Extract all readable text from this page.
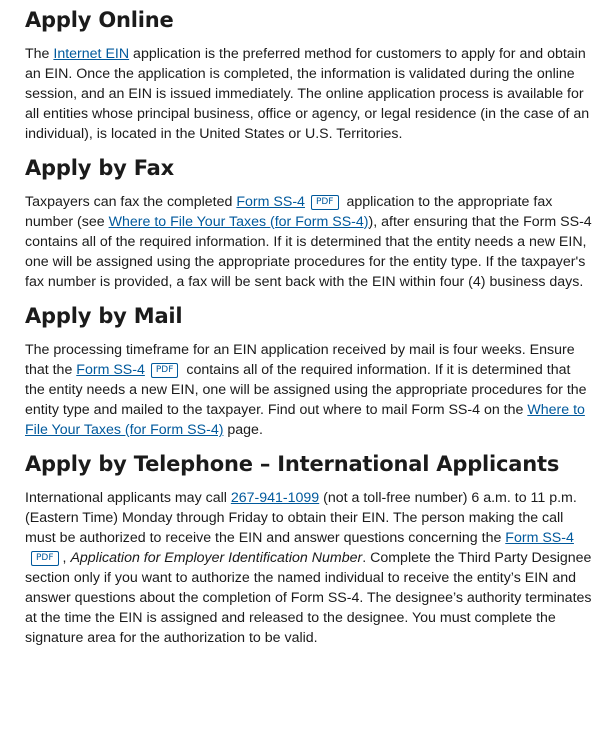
Apply Online

The Internet EIN application is the preferred method for customers to apply for and obtain an EIN. Once the application is completed, the information is validated during the online session, and an EIN is issued immediately. The online application process is available for all entities whose principal business, office or agency, or legal residence (in the case of an individual), is located in the United States or U.S. Territories.

Apply by Fax

Taxpayers can fax the completed Form SS-4 PDF application to the appropriate fax number (see Where to File Your Taxes (for Form SS-4)), after ensuring that the Form SS-4 contains all of the required information. If it is determined that the entity needs a new EIN, one will be assigned using the appropriate procedures for the entity type. If the taxpayer's fax number is provided, a fax will be sent back with the EIN within four (4) business days.

Apply by Mail

The processing timeframe for an EIN application received by mail is four weeks. Ensure that the Form SS-4 PDF contains all of the required information. If it is determined that the entity needs a new EIN, one will be assigned using the appropriate procedures for the entity type and mailed to the taxpayer. Find out where to mail Form SS-4 on the Where to File Your Taxes (for Form SS-4) page.

Apply by Telephone – International Applicants

International applicants may call 267-941-1099 (not a toll-free number) 6 a.m. to 11 p.m. (Eastern Time) Monday through Friday to obtain their EIN. The person making the call must be authorized to receive the EIN and answer questions concerning the Form SS-4PDF , Application for Employer Identification Number. Complete the Third Party Designee section only if you want to authorize the named individual to receive the entity’s EIN and answer questions about the completion of Form SS-4. The designee’s authority terminates at the time the EIN is assigned and released to the designee. You must complete the signature area for the authorization to be valid.
